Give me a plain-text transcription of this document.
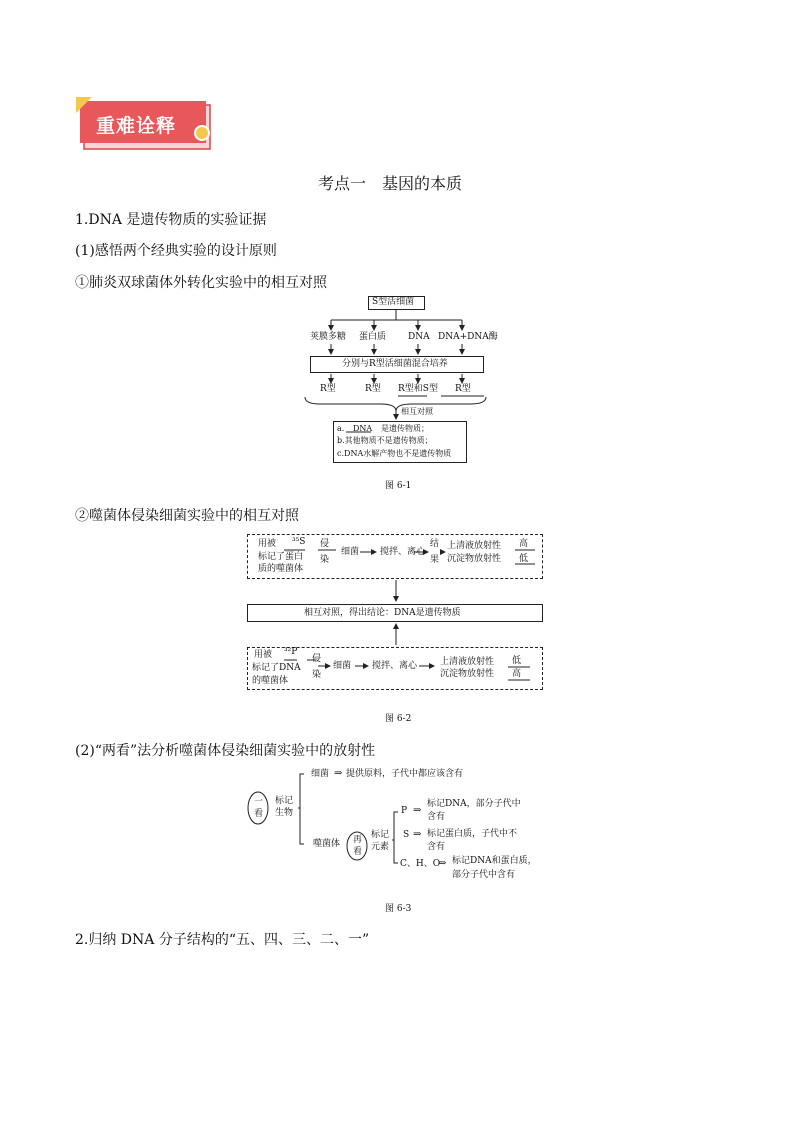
重难诠释
考点一　基因的本质
1.DNA 是遗传物质的实验证据
(1)感悟两个经典实验的设计原则
①肺炎双球菌体外转化实验中的相互对照
S型活细菌
荚膜多糖 蛋白质 DNA DNA+DNA酶
分别与R型活细菌混合培养
R型	R型 R型和S型 R型
相互对照
a. DNA 是遗传物质；
b.其他物质不是遗传物质；
c.DNA水解产物也不是遗传物质
图 6-1
②噬菌体侵染细菌实验中的相互对照
用被 ³⁵S
标记了蛋白
质的噬菌体
侵
染
细菌 搅拌、离心
结
果
上清液放射性 高
沉淀物放射性 低
相互对照，得出结论：DNA是遗传物质
用被 ³²P
标记了DNA
的噬菌体
侵
染
细菌 搅拌、离心	上清液放射性 低
沉淀物放射性 高
图 6-2
(2)“两看”法分析噬菌体侵染细菌实验中的放射性
一
看
标记
生物
细菌 ⇒ 提供原料，子代中都应该含有
噬菌体 再
看
标记
元素
P ⇒
标记DNA，部分子代中
含有
S ⇒ 标记蛋白质，子代中不
含有
C、H、O
⇒ 标记DNA和蛋白质，
部分子代中含有
图 6-3
2.归纳 DNA 分子结构的“五、四、三、二、一”
